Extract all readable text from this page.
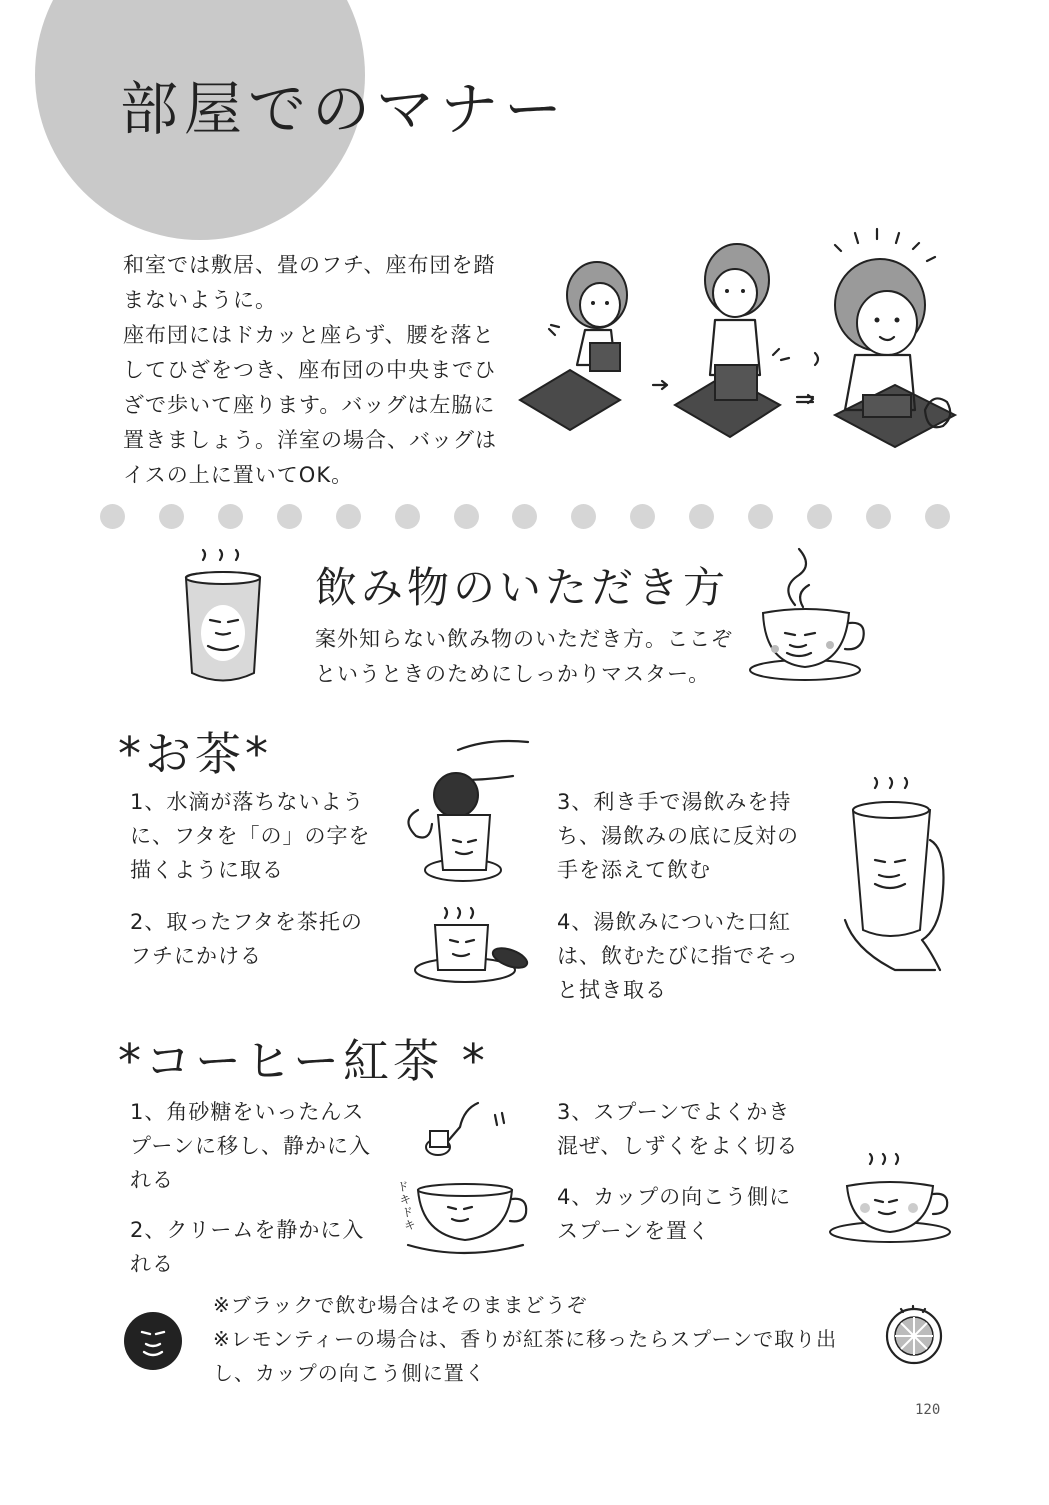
部屋でのマナー
和室では敷居、畳のフチ、座布団を踏
まないように。
座布団にはドカッと座らず、腰を落と
してひざをつき、座布団の中央までひ
ざで歩いて座ります。バッグは左脇に
置きましょう。洋室の場合、バッグは
イスの上に置いてOK。
飲み物のいただき方
案外知らない飲み物のいただき方。ここぞ
というときのためにしっかりマスター。
*お茶*
1、水滴が落ちないよう
に、フタを「の」の字を
描くように取る
2、取ったフタを茶托の
フチにかける
3、利き手で湯飲みを持
ち、湯飲みの底に反対の
手を添えて飲む
4、湯飲みについた口紅
は、飲むたびに指でそっ
と拭き取る
*コーヒー紅茶 *
1、角砂糖をいったんス
プーンに移し、静かに入
れる
2、クリームを静かに入
れる
ドキドキ
3、スプーンでよくかき
混ぜ、しずくをよく切る
4、カップの向こう側に
スプーンを置く
※ブラックで飲む場合はそのままどうぞ
※レモンティーの場合は、香りが紅茶に移ったらスプーンで取り出
し、カップの向こう側に置く
120
